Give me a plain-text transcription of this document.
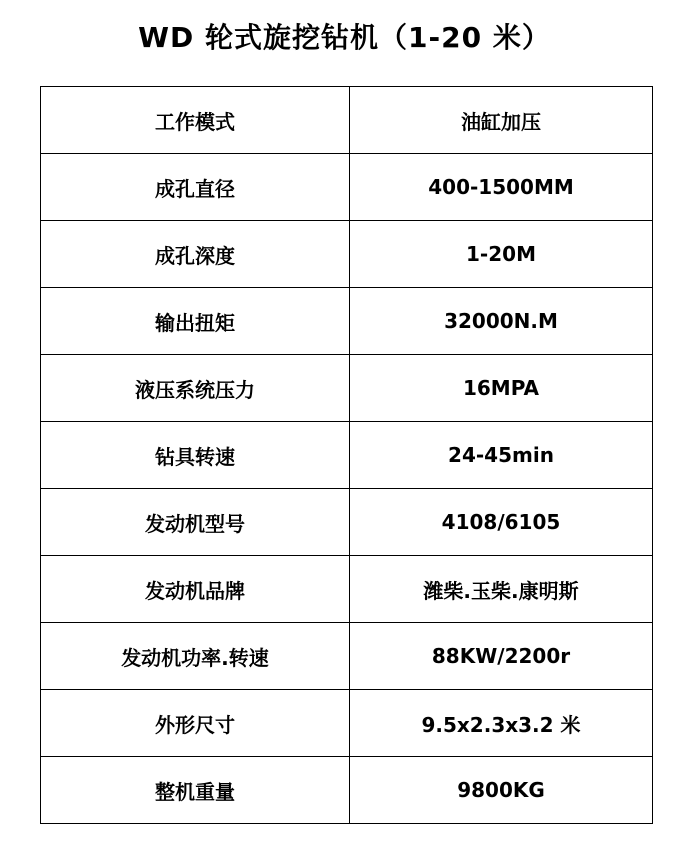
WD 轮式旋挖钻机（1-20 米）
工作模式	油缸加压
成孔直径	400-1500MM
成孔深度	1-20M
输出扭矩	32000N.M
液压系统压力	16MPA
钻具转速	24-45min
发动机型号	4108/6105
发动机品牌	潍柴.玉柴.康明斯
发动机功率.转速	88KW/2200r
外形尺寸	9.5x2.3x3.2 米
整机重量	9800KG
